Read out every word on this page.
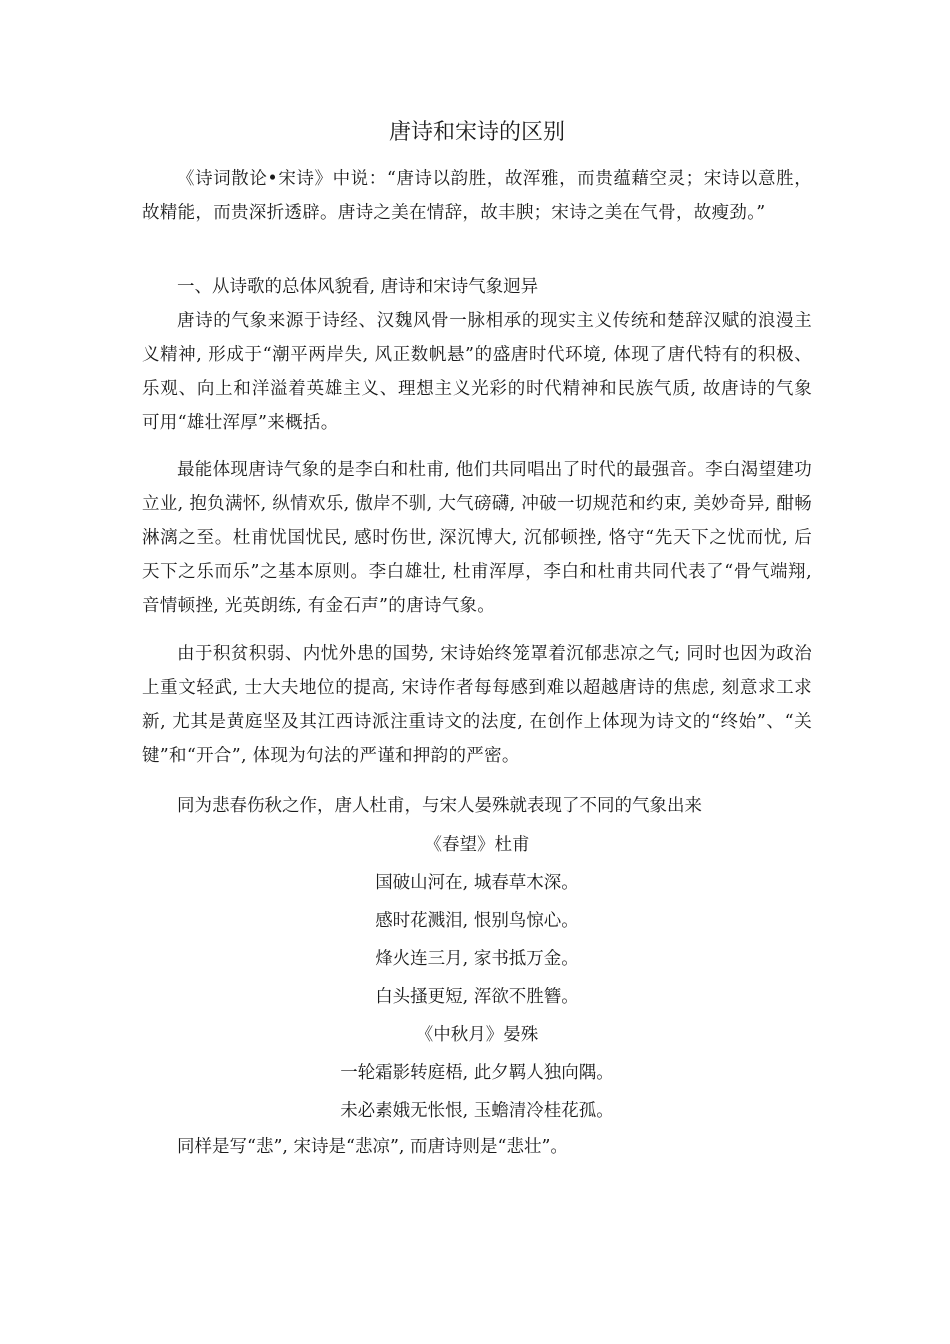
唐诗和宋诗的区别

《诗词散论•宋诗》中说：“唐诗以韵胜，故浑雅，而贵蕴藉空灵；宋诗以意胜，故精能，而贵深折透辟。唐诗之美在情辞，故丰腴；宋诗之美在气骨，故瘦劲。”

一、从诗歌的总体风貌看, 唐诗和宋诗气象迥异

唐诗的气象来源于诗经、汉魏风骨一脉相承的现实主义传统和楚辞汉赋的浪漫主义精神, 形成于“潮平两岸失, 风正数帆悬”的盛唐时代环境, 体现了唐代特有的积极、乐观、向上和洋溢着英雄主义、理想主义光彩的时代精神和民族气质, 故唐诗的气象可用“雄壮浑厚”来概括。

最能体现唐诗气象的是李白和杜甫, 他们共同唱出了时代的最强音。李白渴望建功立业, 抱负满怀, 纵情欢乐, 傲岸不驯, 大气磅礴, 冲破一切规范和约束, 美妙奇异, 酣畅淋漓之至。杜甫忧国忧民, 感时伤世, 深沉博大, 沉郁顿挫, 恪守“先天下之忧而忧, 后天下之乐而乐”之基本原则。李白雄壮, 杜甫浑厚，李白和杜甫共同代表了“骨气端翔, 音情顿挫, 光英朗练, 有金石声”的唐诗气象。

由于积贫积弱、内忧外患的国势, 宋诗始终笼罩着沉郁悲凉之气; 同时也因为政治上重文轻武, 士大夫地位的提高, 宋诗作者每每感到难以超越唐诗的焦虑, 刻意求工求新, 尤其是黄庭坚及其江西诗派注重诗文的法度, 在创作上体现为诗文的“终始”、“关键”和“开合”, 体现为句法的严谨和押韵的严密。

同为悲春伤秋之作，唐人杜甫，与宋人晏殊就表现了不同的气象出来

《春望》杜甫
国破山河在, 城春草木深。
感时花溅泪, 恨别鸟惊心。
烽火连三月, 家书抵万金。
白头搔更短, 浑欲不胜簪。
《中秋月》晏殊
一轮霜影转庭梧, 此夕羁人独向隅。
未必素娥无怅恨, 玉蟾清冷桂花孤。

同样是写“悲”, 宋诗是“悲凉”, 而唐诗则是“悲壮”。
